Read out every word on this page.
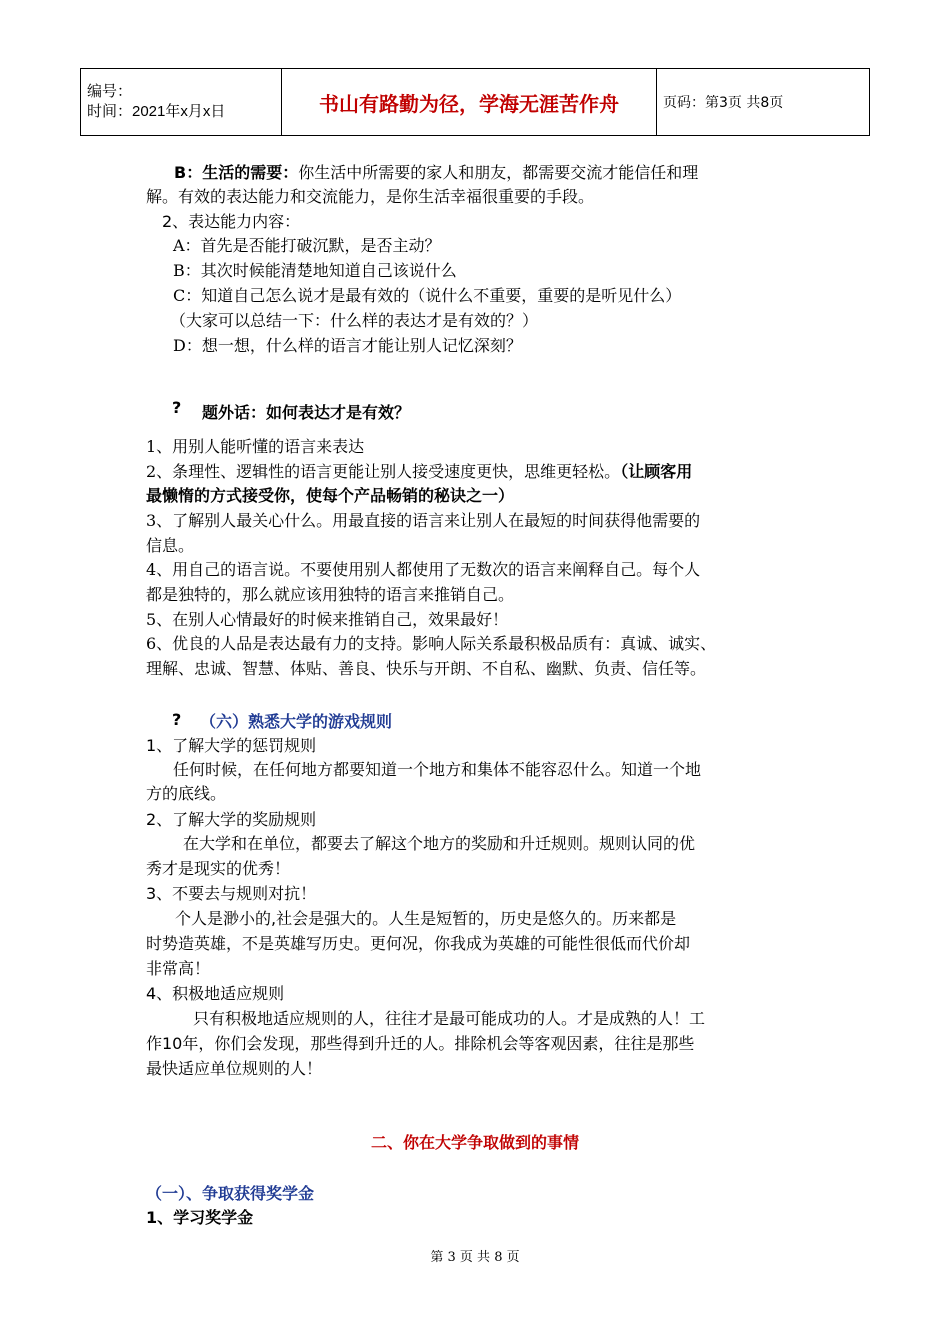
编号：
时间：2021年x月x日	书山有路勤为径，学海无涯苦作舟	页码：第3页 共8页
B：生活的需要：你生活中所需要的家人和朋友，都需要交流才能信任和理
解。有效的表达能力和交流能力，是你生活幸福很重要的手段。
2、表达能力内容：
A：首先是否能打破沉默，是否主动？
B：其次时候能清楚地知道自己该说什么
C：知道自己怎么说才是最有效的（说什么不重要，重要的是听见什么）
（大家可以总结一下：什么样的表达才是有效的？）
D：想一想，什么样的语言才能让别人记忆深刻？
? 题外话：如何表达才是有效？
1、用别人能听懂的语言来表达
2、条理性、逻辑性的语言更能让别人接受速度更快，思维更轻松。（让顾客用
最懒惰的方式接受你，使每个产品畅销的秘诀之一）
3、了解别人最关心什么。用最直接的语言来让别人在最短的时间获得他需要的
信息。
4、用自己的语言说。不要使用别人都使用了无数次的语言来阐释自己。每个人
都是独特的，那么就应该用独特的语言来推销自己。
5、在别人心情最好的时候来推销自己，效果最好！
6、优良的人品是表达最有力的支持。影响人际关系最积极品质有：真诚、诚实、
理解、忠诚、智慧、体贴、善良、快乐与开朗、不自私、幽默、负责、信任等。
? （六）熟悉大学的游戏规则
1、了解大学的惩罚规则
任何时候，在任何地方都要知道一个地方和集体不能容忍什么。知道一个地
方的底线。
2、了解大学的奖励规则
在大学和在单位，都要去了解这个地方的奖励和升迁规则。规则认同的优
秀才是现实的优秀！
3、不要去与规则对抗！
个人是渺小的,社会是强大的。人生是短暂的，历史是悠久的。历来都是
时势造英雄，不是英雄写历史。更何况，你我成为英雄的可能性很低而代价却
非常高！
4、积极地适应规则
只有积极地适应规则的人，往往才是最可能成功的人。才是成熟的人！工
作10年，你们会发现，那些得到升迁的人。排除机会等客观因素，往往是那些
最快适应单位规则的人！
二、你在大学争取做到的事情
（一）、争取获得奖学金
1、学习奖学金
第 3 页 共 8 页
